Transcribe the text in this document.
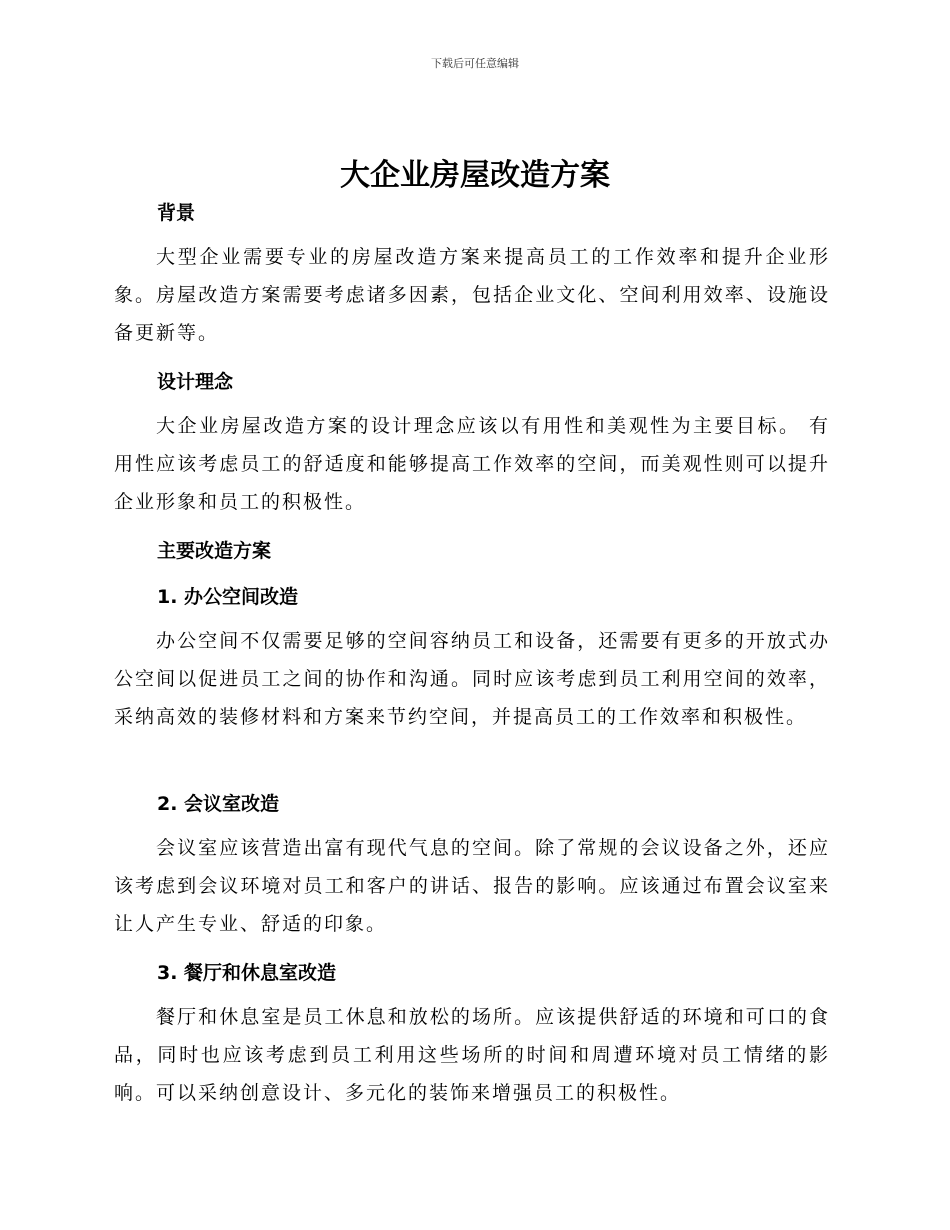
下载后可任意编辑
大企业房屋改造方案
背景

大型企业需要专业的房屋改造方案来提高员工的工作效率和提升企业形象。房屋改造方案需要考虑诸多因素，包括企业文化、空间利用效率、设施设备更新等。

设计理念

大企业房屋改造方案的设计理念应该以有用性和美观性为主要目标。 有用性应该考虑员工的舒适度和能够提高工作效率的空间，而美观性则可以提升企业形象和员工的积极性。

主要改造方案
1. 办公空间改造

办公空间不仅需要足够的空间容纳员工和设备，还需要有更多的开放式办公空间以促进员工之间的协作和沟通。同时应该考虑到员工利用空间的效率，采纳高效的装修材料和方案来节约空间，并提高员工的工作效率和积极性。

2. 会议室改造

会议室应该营造出富有现代气息的空间。除了常规的会议设备之外，还应该考虑到会议环境对员工和客户的讲话、报告的影响。应该通过布置会议室来让人产生专业、舒适的印象。

3. 餐厅和休息室改造

餐厅和休息室是员工休息和放松的场所。应该提供舒适的环境和可口的食品，同时也应该考虑到员工利用这些场所的时间和周遭环境对员工情绪的影响。可以采纳创意设计、多元化的装饰来增强员工的积极性。
